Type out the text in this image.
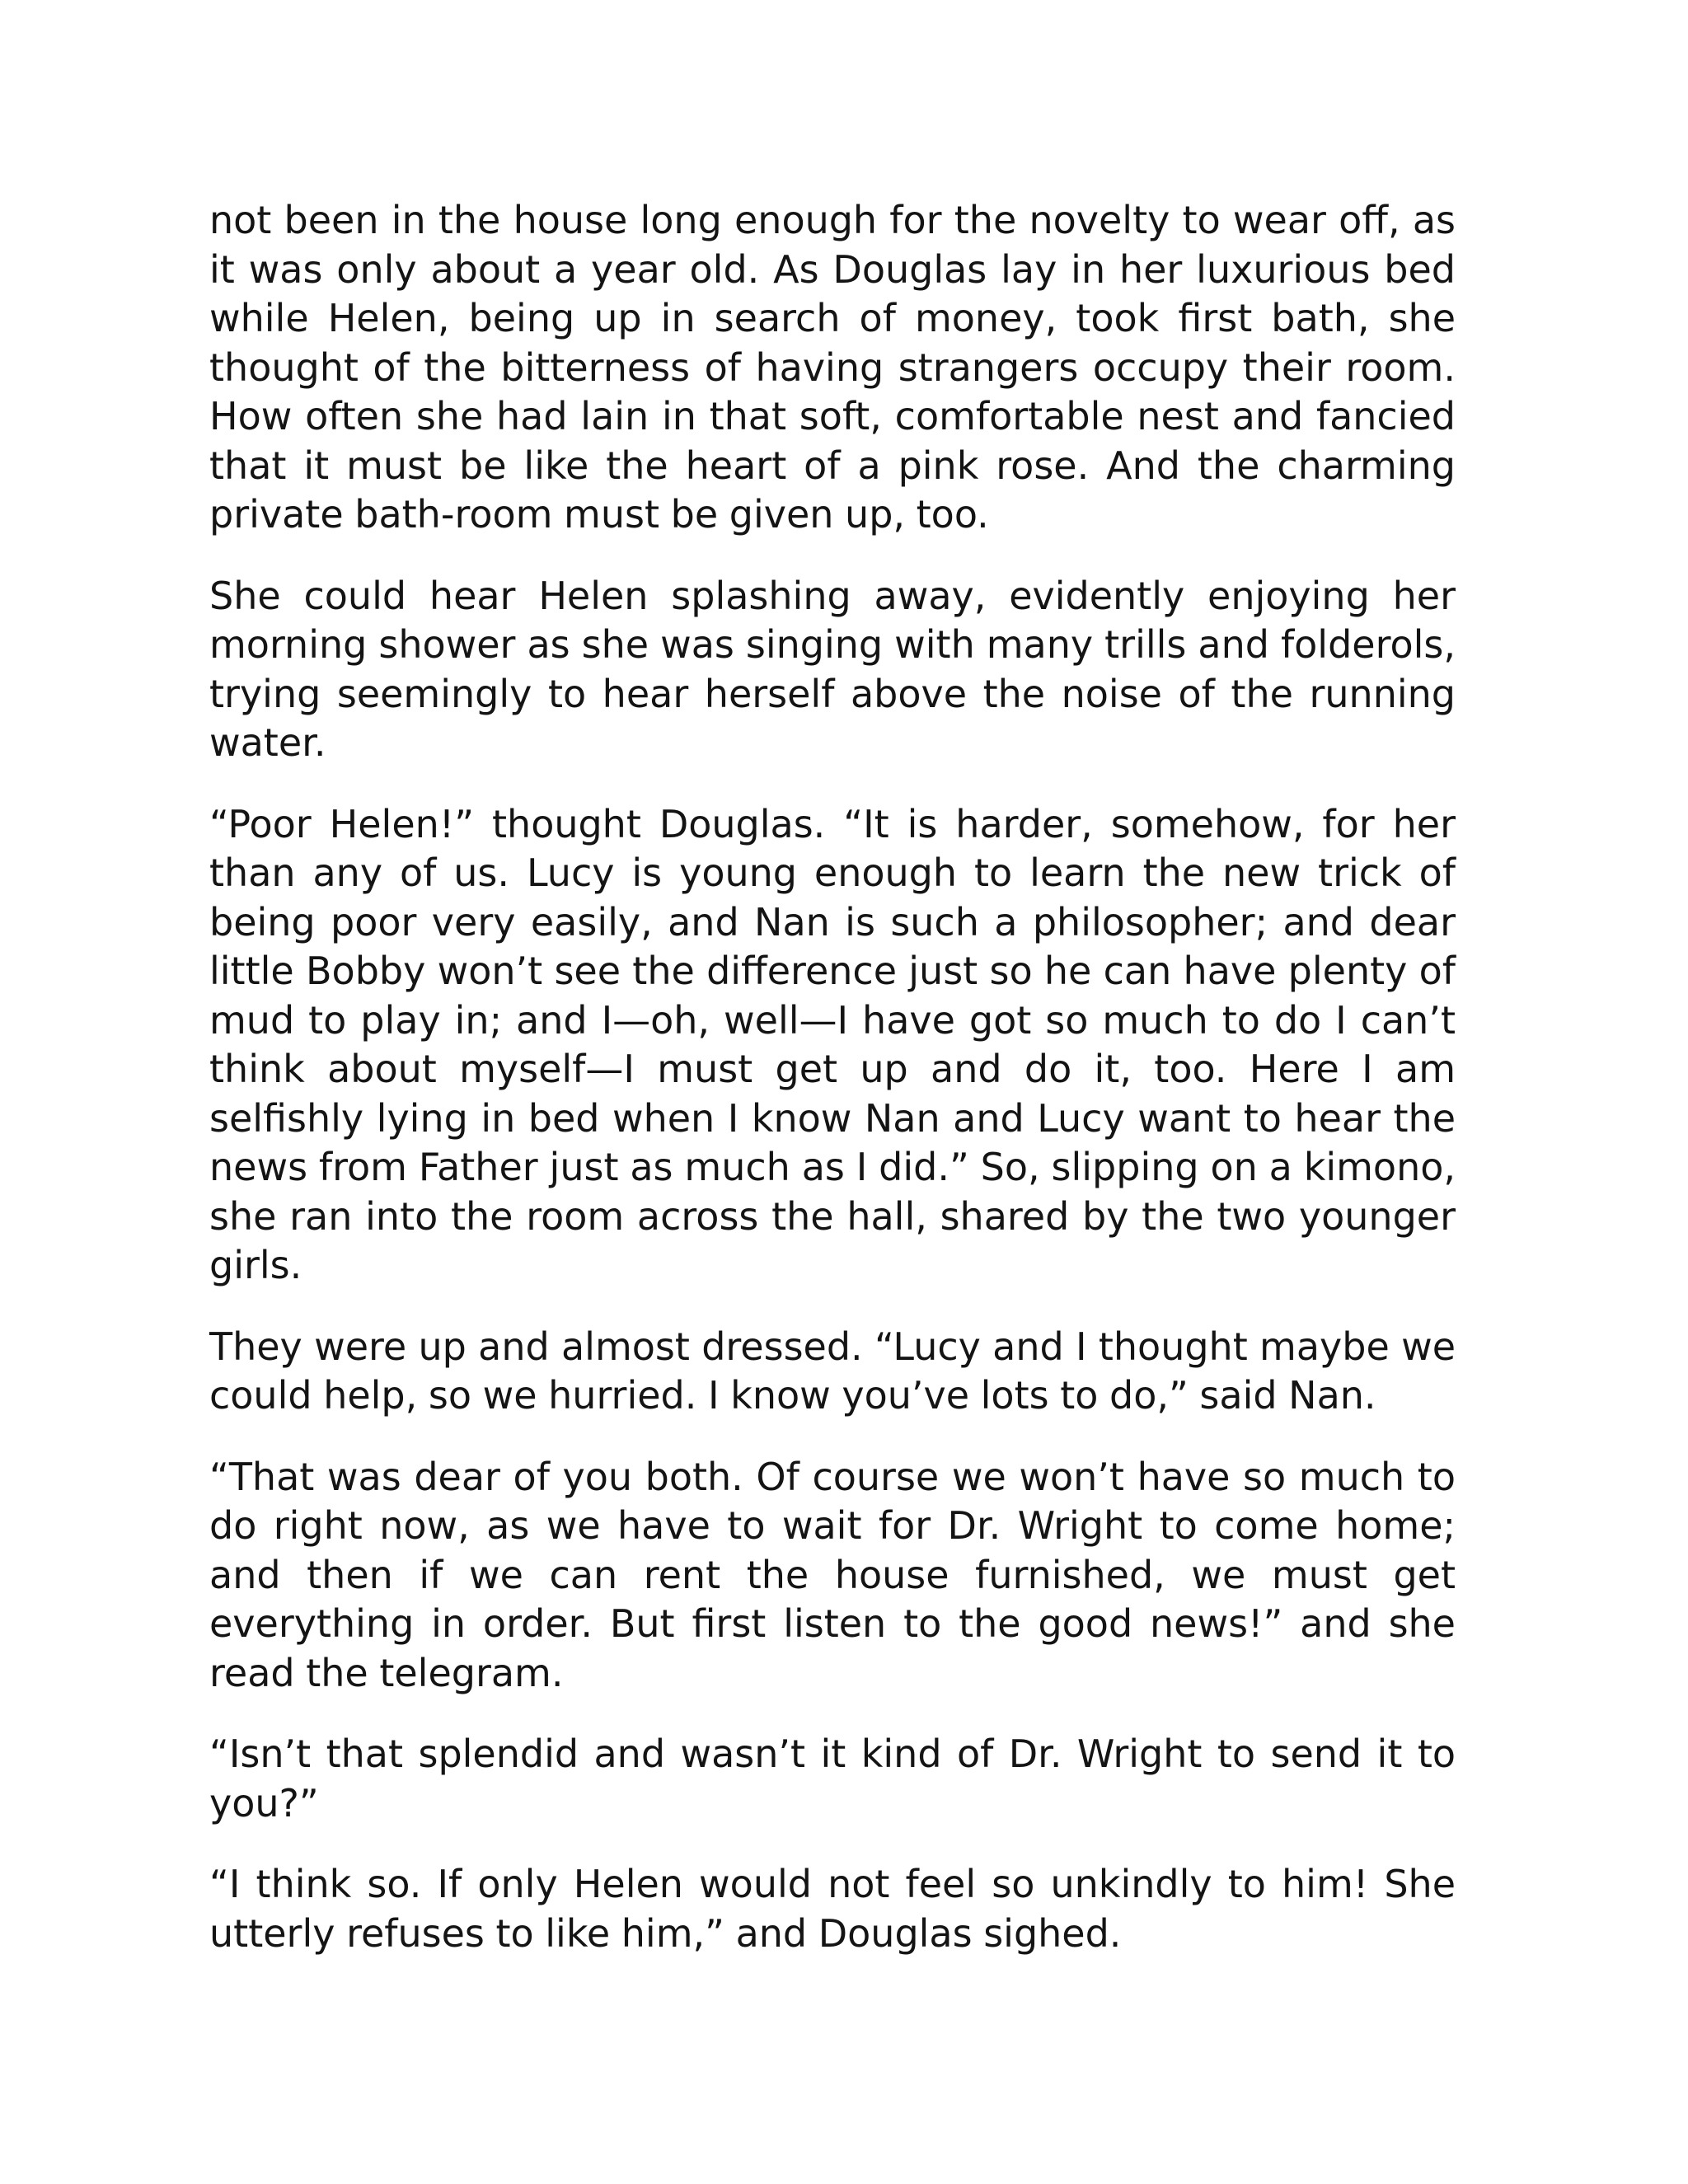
not been in the house long enough for the novelty to wear off, as it was only about a year old. As Douglas lay in her luxurious bed while Helen, being up in search of money, took first bath, she thought of the bitterness of having strangers occupy their room. How often she had lain in that soft, comfortable nest and fancied that it must be like the heart of a pink rose. And the charming private bath-room must be given up, too.

She could hear Helen splashing away, evidently enjoying her morning shower as she was singing with many trills and folderols, trying seemingly to hear herself above the noise of the running water.

“Poor Helen!” thought Douglas. “It is harder, somehow, for her than any of us. Lucy is young enough to learn the new trick of being poor very easily, and Nan is such a philosopher; and dear little Bobby won’t see the difference just so he can have plenty of mud to play in; and I—oh, well—I have got so much to do I can’t think about myself—I must get up and do it, too. Here I am selfishly lying in bed when I know Nan and Lucy want to hear the news from Father just as much as I did.” So, slipping on a kimono, she ran into the room across the hall, shared by the two younger girls.

They were up and almost dressed. “Lucy and I thought maybe we could help, so we hurried. I know you’ve lots to do,” said Nan.

“That was dear of you both. Of course we won’t have so much to do right now, as we have to wait for Dr. Wright to come home; and then if we can rent the house furnished, we must get everything in order. But first listen to the good news!” and she read the telegram.

“Isn’t that splendid and wasn’t it kind of Dr. Wright to send it to you?”

“I think so. If only Helen would not feel so unkindly to him! She utterly refuses to like him,” and Douglas sighed.
